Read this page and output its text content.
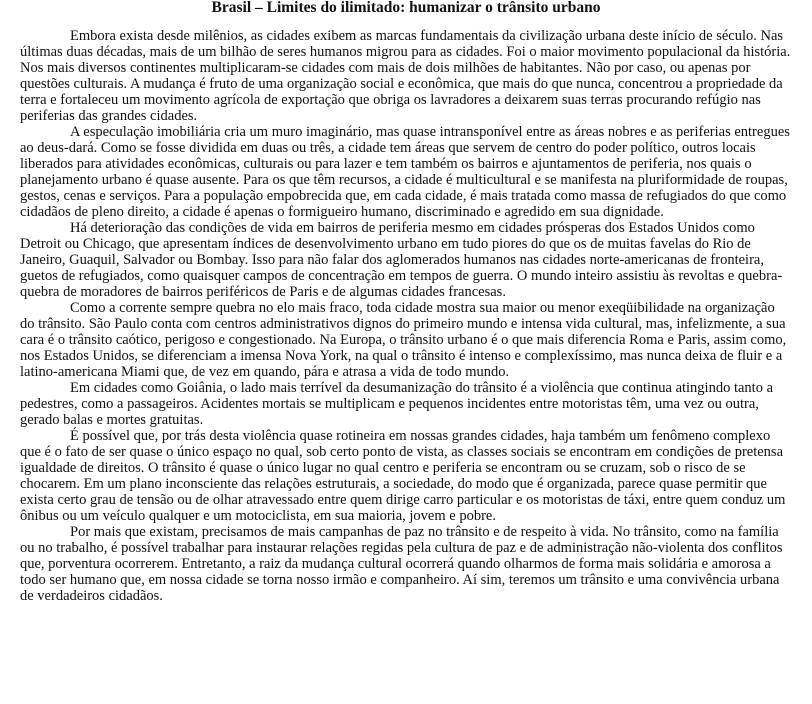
Brasil – Limites do ilimitado: humanizar o trânsito urbano

Embora exista desde milênios, as cidades exibem as marcas fundamentais da civilização urbana deste início de século. Nas últimas duas décadas, mais de um bilhão de seres humanos migrou para as cidades. Foi o maior movimento populacional da história. Nos mais diversos continentes multiplicaram-se cidades com mais de dois milhões de habitantes. Não por caso, ou apenas por questões culturais. A mudança é fruto de uma organização social e econômica, que mais do que nunca, concentrou a propriedade da terra e fortaleceu um movimento agrícola de exportação que obriga os lavradores a deixarem suas terras procurando refúgio nas periferias das grandes cidades.

A especulação imobiliária cria um muro imaginário, mas quase intransponível entre as áreas nobres e as periferias entregues ao deus-dará. Como se fosse dividida em duas ou três, a cidade tem áreas que servem de centro do poder político, outros locais liberados para atividades econômicas, culturais ou para lazer e tem também os bairros e ajuntamentos de periferia, nos quais o planejamento urbano é quase ausente. Para os que têm recursos, a cidade é multicultural e se manifesta na pluriformidade de roupas, gestos, cenas e serviços. Para a população empobrecida que, em cada cidade, é mais tratada como massa de refugiados do que como cidadãos de pleno direito, a cidade é apenas o formigueiro humano, discriminado e agredido em sua dignidade.

Há deterioração das condições de vida em bairros de periferia mesmo em cidades prósperas dos Estados Unidos como Detroit ou Chicago, que apresentam índices de desenvolvimento urbano em tudo piores do que os de muitas favelas do Rio de Janeiro, Guaquil, Salvador ou Bombay. Isso para não falar dos aglomerados humanos nas cidades norte-americanas de fronteira, guetos de refugiados, como quaisquer campos de concentração em tempos de guerra. O mundo inteiro assistiu às revoltas e quebra-quebra de moradores de bairros periféricos de Paris e de algumas cidades francesas.

Como a corrente sempre quebra no elo mais fraco, toda cidade mostra sua maior ou menor exeqüibilidade na organização do trânsito. São Paulo conta com centros administrativos dignos do primeiro mundo e intensa vida cultural, mas, infelizmente, a sua cara é o trânsito caótico, perigoso e congestionado. Na Europa, o trânsito urbano é o que mais diferencia Roma e Paris, assim como, nos Estados Unidos, se diferenciam a imensa Nova York, na qual o trânsito é intenso e complexíssimo, mas nunca deixa de fluir e a latino-americana Miami que, de vez em quando, pára e atrasa a vida de todo mundo.

Em cidades como Goiânia, o lado mais terrível da desumanização do trânsito é a violência que continua atingindo tanto a pedestres, como a passageiros. Acidentes mortais se multiplicam e pequenos incidentes entre motoristas têm, uma vez ou outra, gerado balas e mortes gratuitas.

É possível que, por trás desta violência quase rotineira em nossas grandes cidades, haja também um fenômeno complexo que é o fato de ser quase o único espaço no qual, sob certo ponto de vista, as classes sociais se encontram em condições de pretensa igualdade de direitos. O trânsito é quase o único lugar no qual centro e periferia se encontram ou se cruzam, sob o risco de se chocarem. Em um plano inconsciente das relações estruturais, a sociedade, do modo que é organizada, parece quase permitir que exista certo grau de tensão ou de olhar atravessado entre quem dirige carro particular e os motoristas de táxi, entre quem conduz um ônibus ou um veículo qualquer e um motociclista, em sua maioria, jovem e pobre.

Por mais que existam, precisamos de mais campanhas de paz no trânsito e de respeito à vida. No trânsito, como na família ou no trabalho, é possível trabalhar para instaurar relações regidas pela cultura de paz e de administração não-violenta dos conflitos que, porventura ocorrerem. Entretanto, a raiz da mudança cultural ocorrerá quando olharmos de forma mais solidária e amorosa a todo ser humano que, em nossa cidade se torna nosso irmão e companheiro. Aí sim, teremos um trânsito e uma convivência urbana de verdadeiros cidadãos.
